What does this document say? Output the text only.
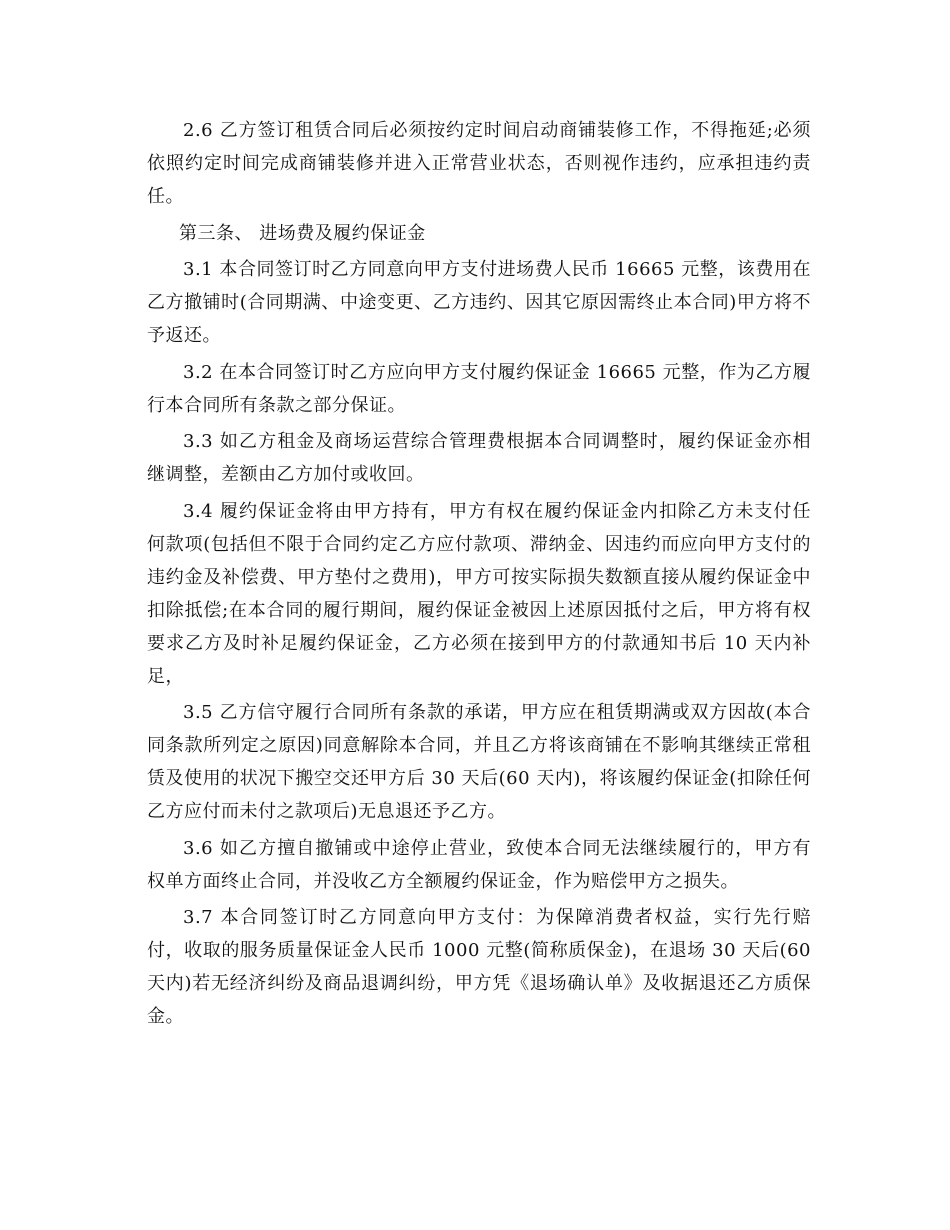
2.6 乙方签订租赁合同后必须按约定时间启动商铺装修工作，不得拖延;必须依照约定时间完成商铺装修并进入正常营业状态，否则视作违约，应承担违约责任。

第三条、 进场费及履约保证金

3.1 本合同签订时乙方同意向甲方支付进场费人民币 16665 元整，该费用在乙方撤铺时(合同期满、中途变更、乙方违约、因其它原因需终止本合同)甲方将不予返还。

3.2 在本合同签订时乙方应向甲方支付履约保证金 16665 元整，作为乙方履行本合同所有条款之部分保证。

3.3 如乙方租金及商场运营综合管理费根据本合同调整时，履约保证金亦相继调整，差额由乙方加付或收回。

3.4 履约保证金将由甲方持有，甲方有权在履约保证金内扣除乙方未支付任何款项(包括但不限于合同约定乙方应付款项、滞纳金、因违约而应向甲方支付的违约金及补偿费、甲方垫付之费用)，甲方可按实际损失数额直接从履约保证金中扣除抵偿;在本合同的履行期间，履约保证金被因上述原因抵付之后，甲方将有权要求乙方及时补足履约保证金，乙方必须在接到甲方的付款通知书后 10 天内补足，

3.5 乙方信守履行合同所有条款的承诺，甲方应在租赁期满或双方因故(本合同条款所列定之原因)同意解除本合同，并且乙方将该商铺在不影响其继续正常租赁及使用的状况下搬空交还甲方后 30 天后(60 天内)，将该履约保证金(扣除任何乙方应付而未付之款项后)无息退还予乙方。

3.6 如乙方擅自撤铺或中途停止营业，致使本合同无法继续履行的，甲方有权单方面终止合同，并没收乙方全额履约保证金，作为赔偿甲方之损失。

3.7 本合同签订时乙方同意向甲方支付：为保障消费者权益，实行先行赔付，收取的服务质量保证金人民币 1000 元整(简称质保金)，在退场 30 天后(60 天内)若无经济纠纷及商品退调纠纷，甲方凭《退场确认单》及收据退还乙方质保金。
